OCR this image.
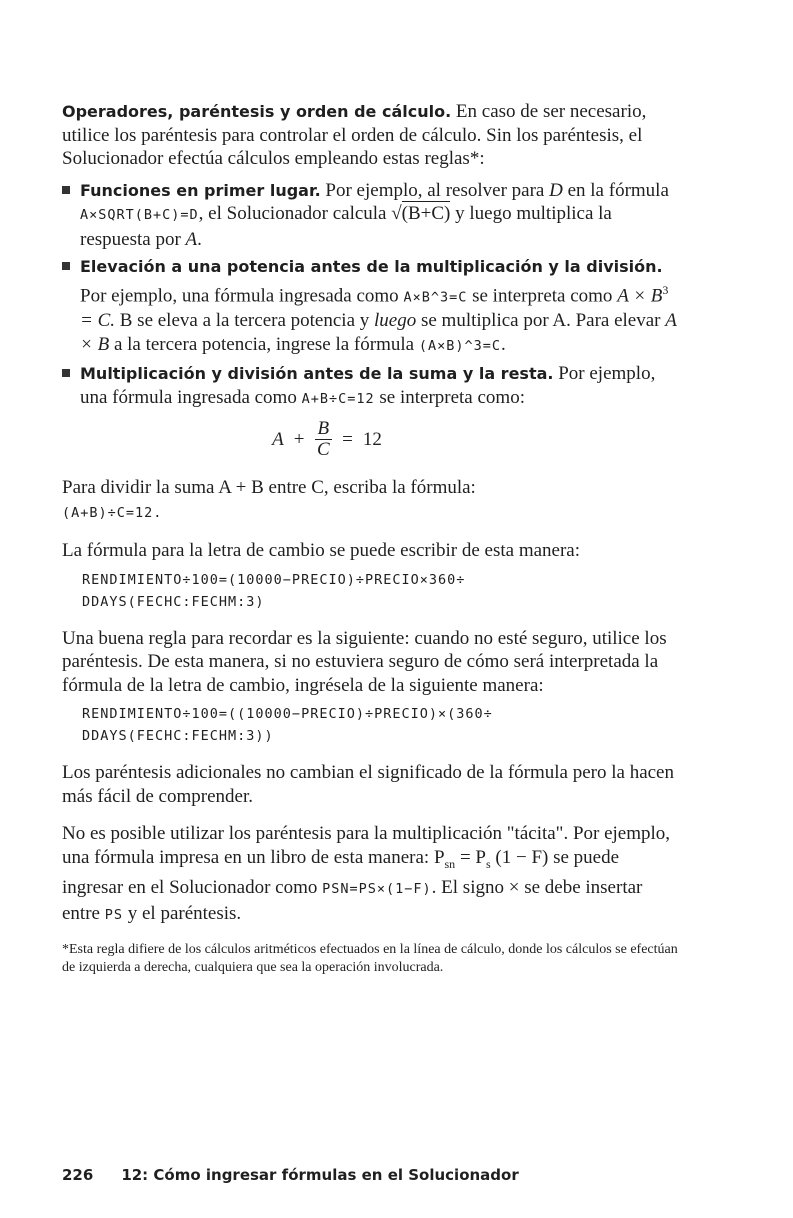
Operadores, paréntesis y orden de cálculo. En caso de ser necesario, utilice los paréntesis para controlar el orden de cálculo. Sin los paréntesis, el Solucionador efectúa cálculos empleando estas reglas*:

Funciones en primer lugar. Por ejemplo, al resolver para D en la fórmula A×SQRT(B+C)=D, el Solucionador calcula √(B+C) y luego multiplica la respuesta por A.
Elevación a una potencia antes de la multiplicación y la división. Por ejemplo, una fórmula ingresada como A×B^3=C se interpreta como $A \times B^3 = C$. B se eleva a la tercera potencia y luego se multiplica por A. Para elevar A × B a la tercera potencia, ingrese la fórmula (A×B)^3=C.
Multiplicación y división antes de la suma y la resta. Por ejemplo, una fórmula ingresada como A+B÷C=12 se interpreta como:
$A + \frac{B}{C} = 12$

Para dividir la suma A + B entre C, escriba la fórmula:
(A+B)÷C=12.

La fórmula para la letra de cambio se puede escribir de esta manera:

RENDIMIENTO÷100=(10000−PRECIO)÷PRECIO×360÷
DDAYS(FECHC:FECHM:3)

Una buena regla para recordar es la siguiente: cuando no esté seguro, utilice los paréntesis. De esta manera, si no estuviera seguro de cómo será interpretada la fórmula de la letra de cambio, ingrésela de la siguiente manera:

RENDIMIENTO÷100=((10000−PRECIO)÷PRECIO)×(360÷
DDAYS(FECHC:FECHM:3))

Los paréntesis adicionales no cambian el significado de la fórmula pero la hacen más fácil de comprender.

No es posible utilizar los paréntesis para la multiplicación "tácita". Por ejemplo, una fórmula impresa en un libro de esta manera: $P_{sn} = P_s$ (1 − F) se puede ingresar en el Solucionador como PSN=PS×(1−F). El signo × se debe insertar entre PS y el paréntesis.

*Esta regla difiere de los cálculos aritméticos efectuados en la línea de cálculo, donde los cálculos se efectúan de izquierda a derecha, cualquiera que sea la operación involucrada.

226 12: Cómo ingresar fórmulas en el Solucionador
